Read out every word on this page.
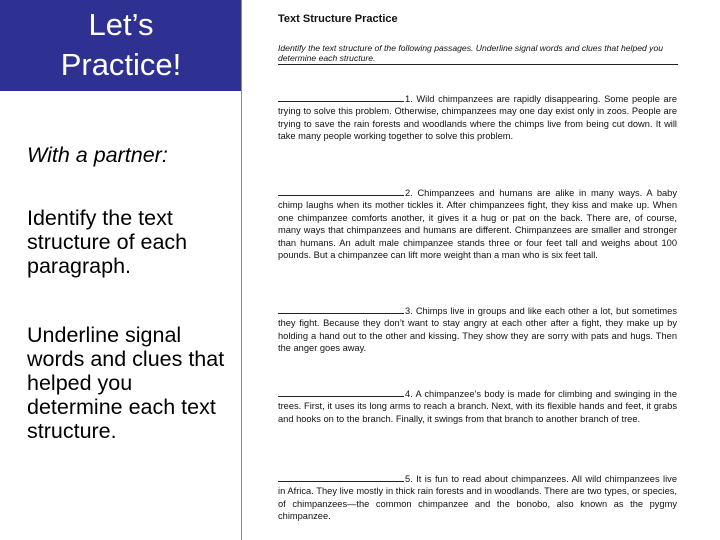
Let’s
Practice!
With a partner:
Identify the text structure of each paragraph.
Underline signal words and clues that helped you determine each text structure.
Text Structure Practice
Identify the text structure of the following passages. Underline signal words and clues that helped you determine each structure.
1. Wild chimpanzees are rapidly disappearing. Some people are trying to solve this problem. Otherwise, chimpanzees may one day exist only in zoos. People are trying to save the rain forests and woodlands where the chimps live from being cut down. It will take many people working together to solve this problem.
2. Chimpanzees and humans are alike in many ways. A baby chimp laughs when its mother tickles it. After chimpanzees fight, they kiss and make up. When one chimpanzee comforts another, it gives it a hug or pat on the back. There are, of course, many ways that chimpanzees and humans are different. Chimpanzees are smaller and stronger than humans. An adult male chimpanzee stands three or four feet tall and weighs about 100 pounds. But a chimpanzee can lift more weight than a man who is six feet tall.
3. Chimps live in groups and like each other a lot, but sometimes they fight. Because they don’t want to stay angry at each other after a fight, they make up by holding a hand out to the other and kissing. They show they are sorry with pats and hugs. Then the anger goes away.
4. A chimpanzee’s body is made for climbing and swinging in the trees. First, it uses its long arms to reach a branch. Next, with its flexible hands and feet, it grabs and hooks on to the branch. Finally, it swings from that branch to another branch of tree.
5. It is fun to read about chimpanzees. All wild chimpanzees live in Africa. They live mostly in thick rain forests and in woodlands. There are two types, or species, of chimpanzees—the common chimpanzee and the bonobo, also known as the pygmy chimpanzee.
